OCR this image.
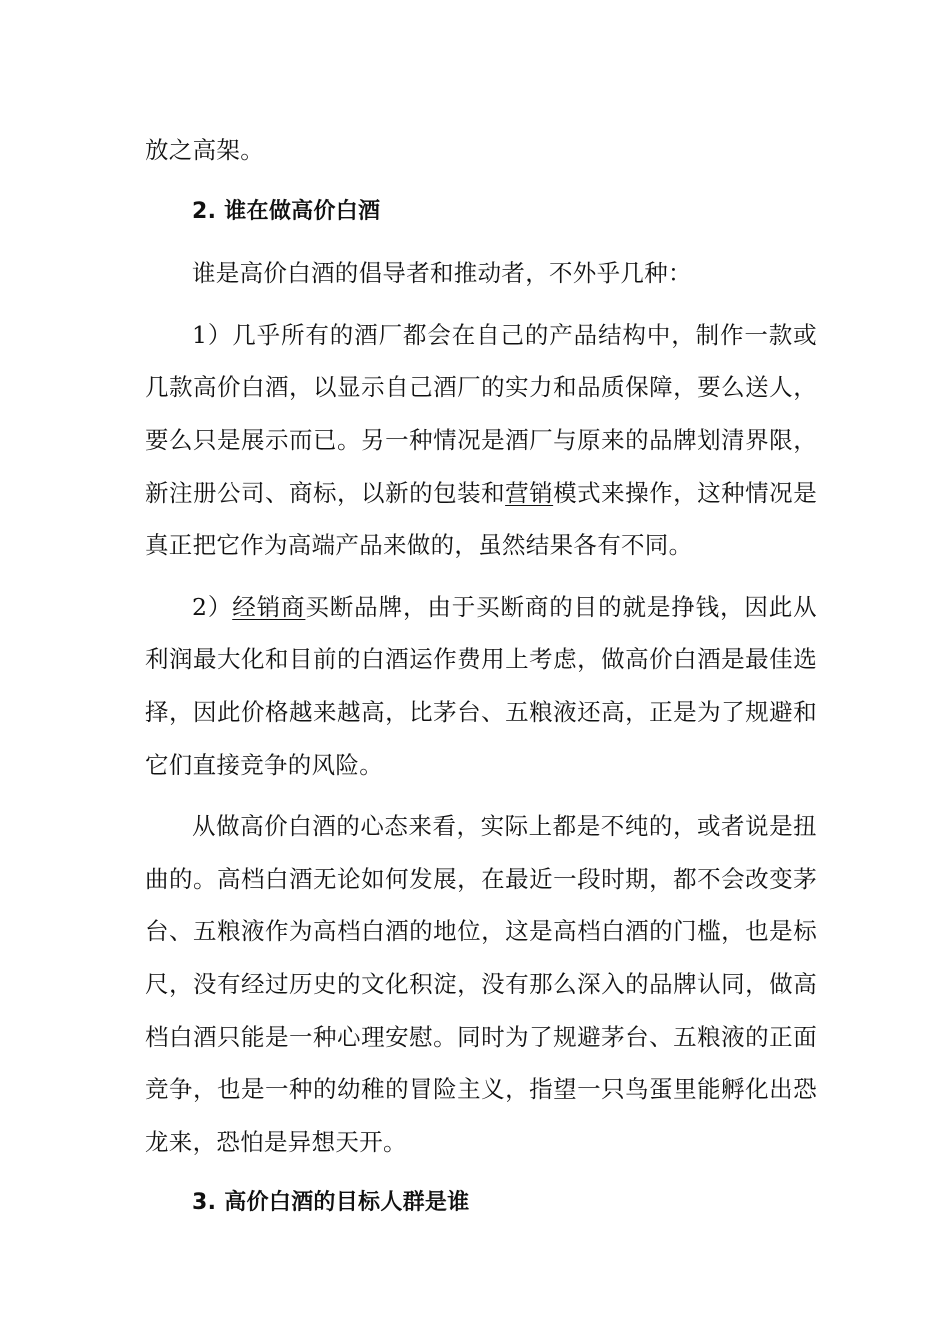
放之高架。

2. 谁在做高价白酒

谁是高价白酒的倡导者和推动者，不外乎几种：

1）几乎所有的酒厂都会在自己的产品结构中，制作一款或几款高价白酒，以显示自己酒厂的实力和品质保障，要么送人，要么只是展示而已。另一种情况是酒厂与原来的品牌划清界限，新注册公司、商标，以新的包装和营销模式来操作，这种情况是真正把它作为高端产品来做的，虽然结果各有不同。

2）经销商买断品牌，由于买断商的目的就是挣钱，因此从利润最大化和目前的白酒运作费用上考虑，做高价白酒是最佳选择，因此价格越来越高，比茅台、五粮液还高，正是为了规避和它们直接竞争的风险。

从做高价白酒的心态来看，实际上都是不纯的，或者说是扭曲的。高档白酒无论如何发展，在最近一段时期，都不会改变茅台、五粮液作为高档白酒的地位，这是高档白酒的门槛，也是标尺，没有经过历史的文化积淀，没有那么深入的品牌认同，做高档白酒只能是一种心理安慰。同时为了规避茅台、五粮液的正面竞争，也是一种的幼稚的冒险主义，指望一只鸟蛋里能孵化出恐龙来，恐怕是异想天开。

3. 高价白酒的目标人群是谁
